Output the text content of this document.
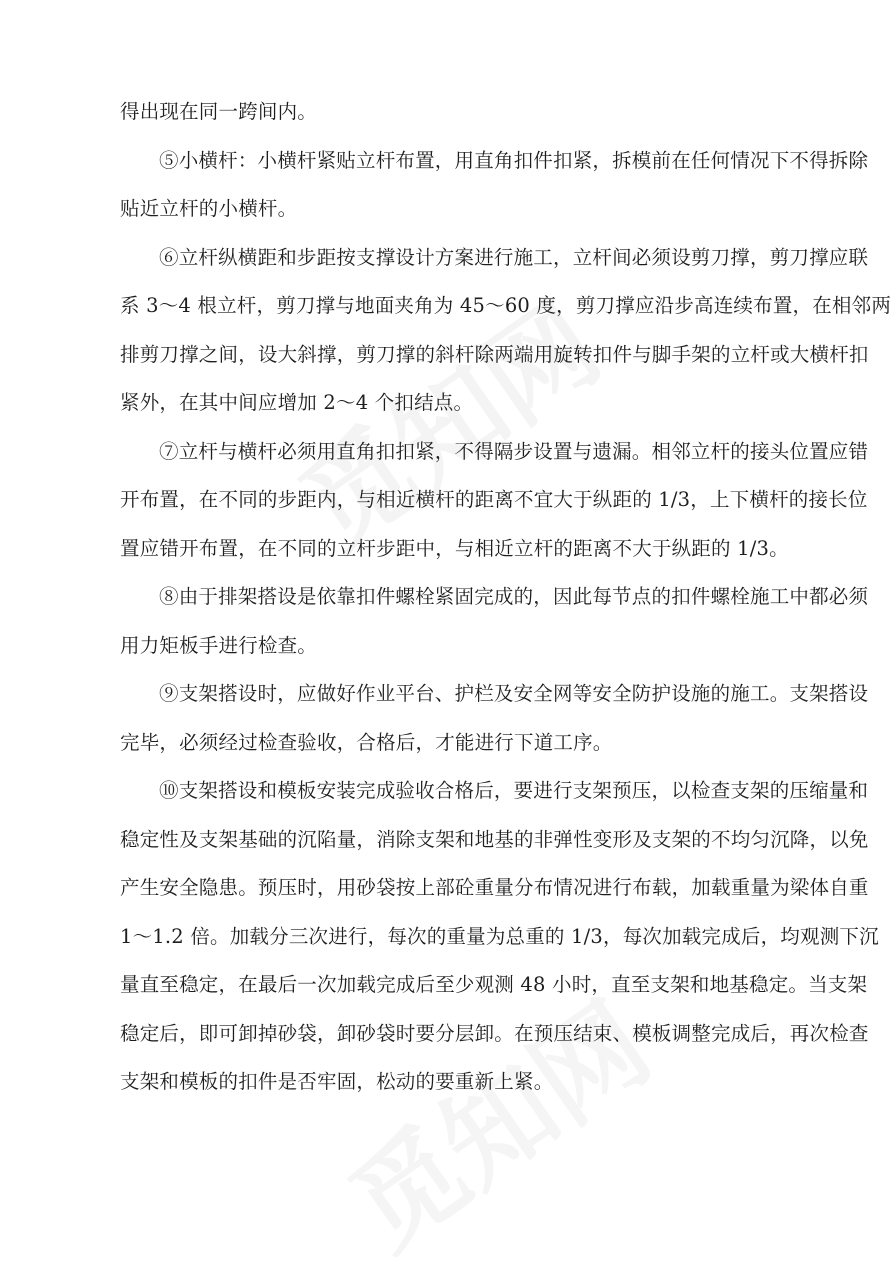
得出现在同一跨间内。
⑤小横杆：小横杆紧贴立杆布置，用直角扣件扣紧，拆模前在任何情况下不得拆除
贴近立杆的小横杆。
⑥立杆纵横距和步距按支撑设计方案进行施工，立杆间必须设剪刀撑，剪刀撑应联
系 3～4 根立杆，剪刀撑与地面夹角为 45～60 度，剪刀撑应沿步高连续布置，在相邻两
排剪刀撑之间，设大斜撑，剪刀撑的斜杆除两端用旋转扣件与脚手架的立杆或大横杆扣
紧外，在其中间应增加 2～4 个扣结点。
⑦立杆与横杆必须用直角扣扣紧，不得隔步设置与遗漏。相邻立杆的接头位置应错
开布置，在不同的步距内，与相近横杆的距离不宜大于纵距的 1/3，上下横杆的接长位
置应错开布置，在不同的立杆步距中，与相近立杆的距离不大于纵距的 1/3。
⑧由于排架搭设是依靠扣件螺栓紧固完成的，因此每节点的扣件螺栓施工中都必须
用力矩板手进行检查。
⑨支架搭设时，应做好作业平台、护栏及安全网等安全防护设施的施工。支架搭设
完毕，必须经过检查验收，合格后，才能进行下道工序。
⑩支架搭设和模板安装完成验收合格后，要进行支架预压，以检查支架的压缩量和
稳定性及支架基础的沉陷量，消除支架和地基的非弹性变形及支架的不均匀沉降，以免
产生安全隐患。预压时，用砂袋按上部砼重量分布情况进行布载，加载重量为梁体自重
1～1.2 倍。加载分三次进行，每次的重量为总重的 1/3，每次加载完成后，均观测下沉
量直至稳定，在最后一次加载完成后至少观测 48 小时，直至支架和地基稳定。当支架
稳定后，即可卸掉砂袋，卸砂袋时要分层卸。在预压结束、模板调整完成后，再次检查
支架和模板的扣件是否牢固，松动的要重新上紧。
